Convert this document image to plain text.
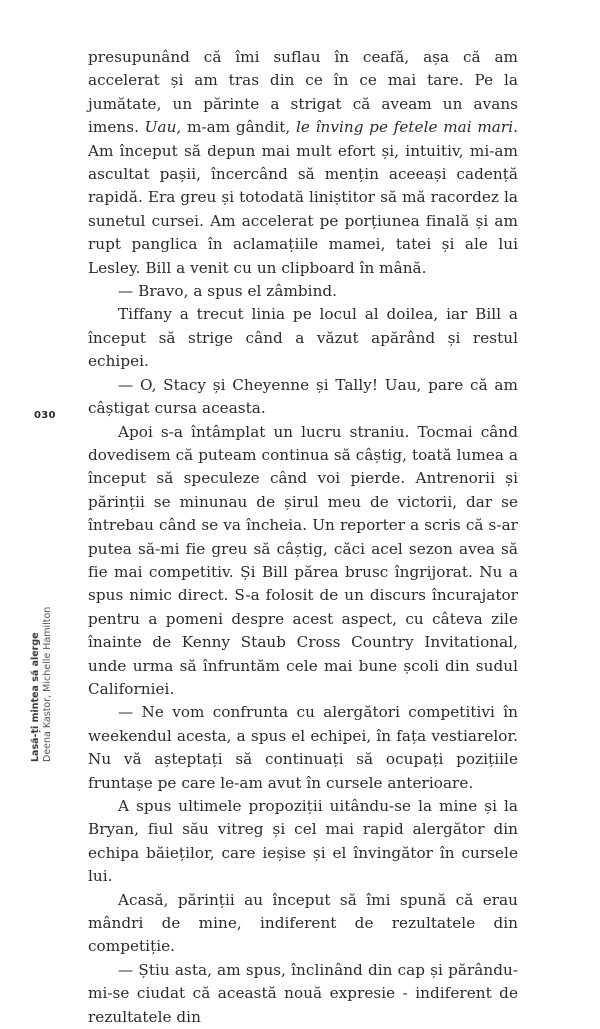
presupunând că îmi suflau în ceafă, așa că am accelerat și am tras din ce în ce mai tare. Pe la jumătate, un părinte a strigat că aveam un avans imens. Uau, m-am gândit, le înving pe fetele mai mari. Am început să depun mai mult efort și, intuitiv, mi-am ascultat pașii, încercând să mențin aceeași cadență rapidă. Era greu și totodată liniștitor să mă racordez la sunetul cursei. Am accelerat pe porțiunea finală și am rupt panglica în aclamațiile mamei, tatei și ale lui Lesley. Bill a venit cu un clipboard în mână.

— Bravo, a spus el zâmbind.

Tiffany a trecut linia pe locul al doilea, iar Bill a început să strige când a văzut apărând și restul echipei.

— O, Stacy și Cheyenne și Tally! Uau, pare că am câștigat cursa aceasta.

Apoi s-a întâmplat un lucru straniu. Tocmai când dovedisem că puteam continua să câștig, toată lumea a început să speculeze când voi pierde. Antrenorii și părinții se minunau de șirul meu de victorii, dar se întrebau când se va încheia. Un reporter a scris că s-ar putea să-mi fie greu să câștig, căci acel sezon avea să fie mai competitiv. Și Bill părea brusc îngrijorat. Nu a spus nimic direct. S-a folosit de un discurs încurajator pentru a pomeni despre acest aspect, cu câteva zile înainte de Kenny Staub Cross Country Invitational, unde urma să înfruntăm cele mai bune școli din sudul Californiei.

— Ne vom confrunta cu alergători competitivi în weekendul acesta, a spus el echipei, în fața vestiarelor. Nu vă așteptați să continuați să ocupați pozițiile fruntașe pe care le-am avut în cursele anterioare.

A spus ultimele propoziții uitându-se la mine și la Bryan, fiul său vitreg și cel mai rapid alergător din echipa băieților, care ieșise și el învingător în cursele lui.

Acasă, părinții au început să îmi spună că erau mândri de mine, indiferent de rezultatele din competiție.

— Știu asta, am spus, înclinând din cap și părându-mi-se ciudat că această nouă expresie - indiferent de rezultatele din

030
Lasă-ți mintea să alerge Deena Kastor, Michelle Hamilton
